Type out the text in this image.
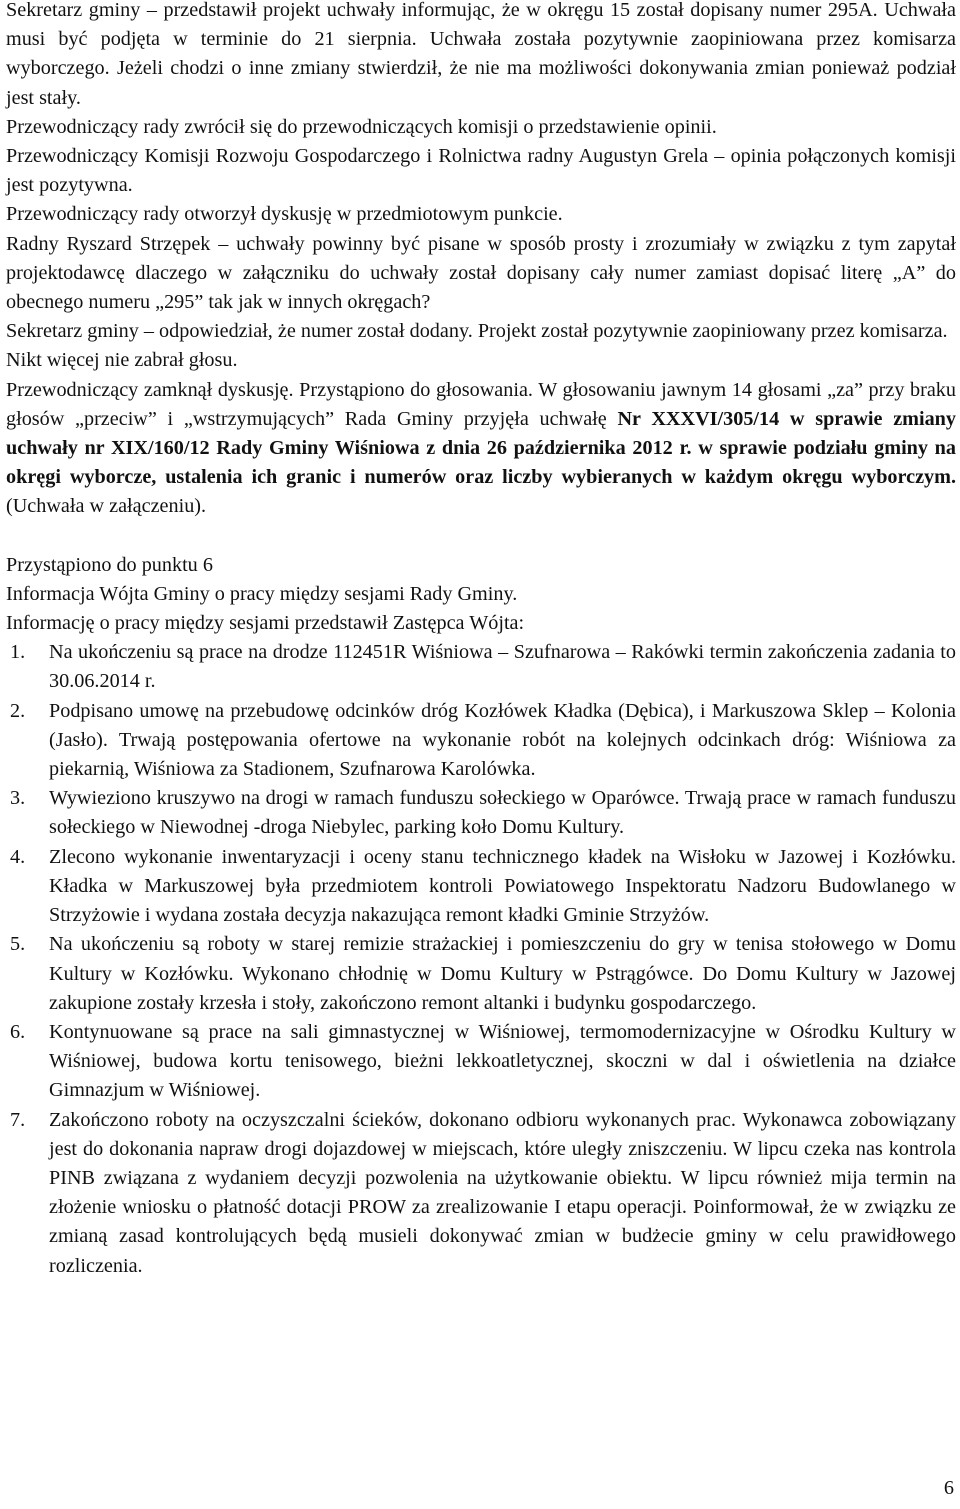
Sekretarz gminy – przedstawił projekt uchwały informując, że w okręgu 15 został dopisany numer 295A. Uchwała musi być podjęta w terminie do 21 sierpnia. Uchwała została pozytywnie zaopiniowana przez komisarza wyborczego. Jeżeli chodzi o inne zmiany stwierdził, że nie ma możliwości dokonywania zmian ponieważ podział jest stały.

Przewodniczący rady zwrócił się do przewodniczących komisji o przedstawienie opinii.

Przewodniczący Komisji Rozwoju Gospodarczego i Rolnictwa radny Augustyn Grela – opinia połączonych komisji jest pozytywna.

Przewodniczący rady otworzył dyskusję w przedmiotowym punkcie.

Radny Ryszard Strzępek – uchwały powinny być pisane w sposób prosty i zrozumiały w związku z tym zapytał projektodawcę dlaczego w załączniku do uchwały został dopisany cały numer zamiast dopisać literę „A” do obecnego numeru „295” tak jak w innych okręgach?

Sekretarz gminy – odpowiedział, że numer został dodany. Projekt został pozytywnie zaopiniowany przez komisarza.

Nikt więcej nie zabrał głosu.

Przewodniczący zamknął dyskusję. Przystąpiono do głosowania. W głosowaniu jawnym 14 głosami „za” przy braku głosów „przeciw” i „wstrzymujących” Rada Gminy przyjęła uchwałę Nr XXXVI/305/14 w sprawie zmiany uchwały nr XIX/160/12 Rady Gminy Wiśniowa z dnia 26 października 2012 r. w sprawie podziału gminy na okręgi wyborcze, ustalenia ich granic i numerów oraz liczby wybieranych w każdym okręgu wyborczym. (Uchwała w załączeniu).

Przystąpiono do punktu 6

Informacja Wójta Gminy o pracy między sesjami Rady Gminy.

Informację o pracy między sesjami przedstawił Zastępca Wójta:

1. Na ukończeniu są prace na drodze 112451R Wiśniowa – Szufnarowa – Rakówki termin zakończenia zadania to 30.06.2014 r.

2. Podpisano umowę na przebudowę odcinków dróg Kozłówek Kładka (Dębica), i Markuszowa Sklep – Kolonia (Jasło). Trwają postępowania ofertowe na wykonanie robót na kolejnych odcinkach dróg: Wiśniowa za piekarnią, Wiśniowa za Stadionem, Szufnarowa Karolówka.

3. Wywieziono kruszywo na drogi w ramach funduszu sołeckiego w Oparówce. Trwają prace w ramach funduszu sołeckiego w Niewodnej -droga Niebylec, parking koło Domu Kultury.

4. Zlecono wykonanie inwentaryzacji i oceny stanu technicznego kładek na Wisłoku w Jazowej i Kozłówku. Kładka w Markuszowej była przedmiotem kontroli Powiatowego Inspektoratu Nadzoru Budowlanego w Strzyżowie i wydana została decyzja nakazująca remont kładki Gminie Strzyżów.

5. Na ukończeniu są roboty w starej remizie strażackiej i pomieszczeniu do gry w tenisa stołowego w Domu Kultury w Kozłówku. Wykonano chłodnię w Domu Kultury w Pstrągówce. Do Domu Kultury w Jazowej zakupione zostały krzesła i stoły, zakończono remont altanki i budynku gospodarczego.

6. Kontynuowane są prace na sali gimnastycznej w Wiśniowej, termomodernizacyjne w Ośrodku Kultury w Wiśniowej, budowa kortu tenisowego, bieżni lekkoatletycznej, skoczni w dal i oświetlenia na działce Gimnazjum w Wiśniowej.

7. Zakończono roboty na oczyszczalni ścieków, dokonano odbioru wykonanych prac. Wykonawca zobowiązany jest do dokonania napraw drogi dojazdowej w miejscach, które uległy zniszczeniu. W lipcu czeka nas kontrola PINB związana z wydaniem decyzji pozwolenia na użytkowanie obiektu. W lipcu również mija termin na złożenie wniosku o płatność dotacji PROW za zrealizowanie I etapu operacji. Poinformował, że w związku ze zmianą zasad kontrolujących będą musieli dokonywać zmian w budżecie gminy w celu prawidłowego rozliczenia.

6
